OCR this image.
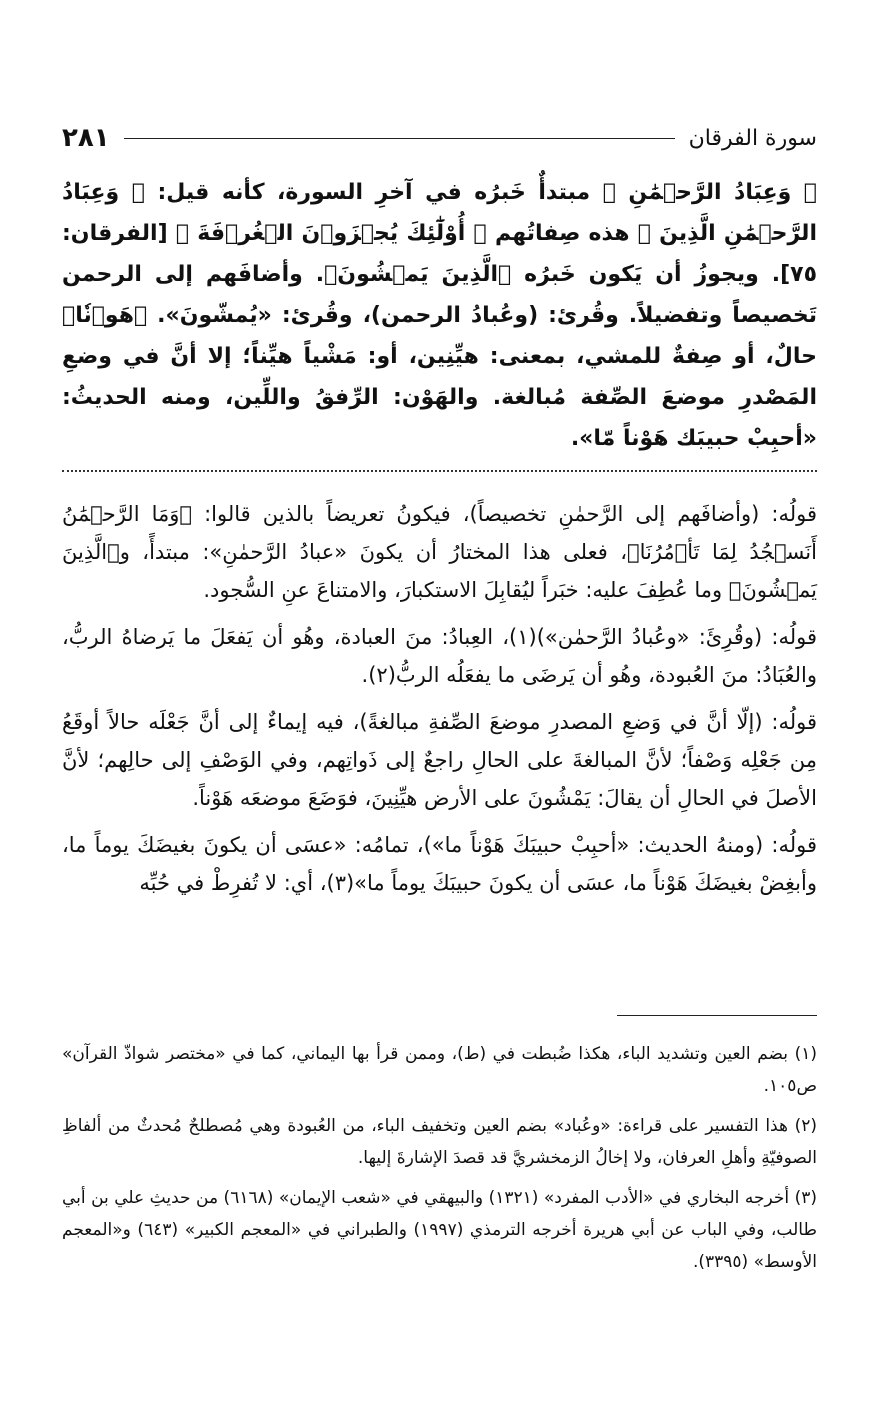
سورة الفرقان
٢٨١

﴿ وَعِبَادُ الرَّحۡمَٰنِ ﴾ مبتدأٌ خَبرُه في آخرِ السورة، كأنه قيل: ﴿ وَعِبَادُ الرَّحۡمَٰنِ الَّذِينَ ﴾ هذه صِفاتُهم ﴿ أُوْلَٰٓئِكَ يُجۡزَوۡنَ الۡغُرۡفَةَ ﴾ [الفرقان: ٧٥]. ويجوزُ أن يَكون خَبرُه ﴿الَّذِينَ يَمۡشُونَ﴾. وأضافَهم إلى الرحمن تَخصيصاً وتفضيلاً. وقُرئ: (وعُبادُ الرحمن)، وقُرئ: «يُمشّونَ». ﴿هَوۡنٗا﴾ حالٌ، أو صِفةٌ للمشي، بمعنى: هيِّنِين، أو: مَشْياً هيِّناً؛ إلا أنَّ في وضعِ المَصْدرِ موضعَ الصِّفة مُبالغة. والهَوْن: الرِّفقُ واللِّين، ومنه الحديثُ: «أحبِبْ حبيبَك هَوْناً مّا».

قولُه: (وأضافَهم إلى الرَّحمٰنِ تخصيصاً)، فيكونُ تعريضاً بالذين قالوا: ﴿وَمَا الرَّحۡمَٰنُ أَنَسۡجُدُ لِمَا تَأۡمُرُنَا﴾، فعلى هذا المختارُ أن يكونَ «عبادُ الرَّحمٰنِ»: مبتدأً، و﴿الَّذِينَ يَمۡشُونَ﴾ وما عُطِفَ عليه: خبَراً ليُقابِلَ الاستكبارَ، والامتناعَ عنِ السُّجود.

قولُه: (وقُرِئَ: «وعُبادُ الرَّحمٰن»)(١)، العِبادُ: منَ العبادة، وهُو أن يَفعَلَ ما يَرضاهُ الربُّ، والعُبَادُ: منَ العُبودة، وهُو أن يَرضَى ما يفعَلُه الربُّ(٢).

قولُه: (إلّا أنَّ في وَضعِ المصدرِ موضعَ الصِّفةِ مبالغةً)، فيه إيماءٌ إلى أنَّ جَعْلَه حالاً أوقَعُ مِن جَعْلِه وَصْفاً؛ لأنَّ المبالغةَ على الحالِ راجعٌ إلى ذَواتِهم، وفي الوَصْفِ إلى حالِهم؛ لأنَّ الأصلَ في الحالِ أن يقالَ: يَمْشُونَ على الأرض هيِّنِينَ، فوَضَعَ موضعَه هَوْناً.

قولُه: (ومنهُ الحديث: «أحبِبْ حبيبَكَ هَوْناً ما»)، تمامُه: «عسَى أن يكونَ بغيضَكَ يوماً ما، وأبغِضْ بغيضَكَ هَوْناً ما، عسَى أن يكونَ حبيبَكَ يوماً ما»(٣)، أي: لا تُفرِطْ في حُبِّه

(١) بضم العين وتشديد الباء، هكذا ضُبطت في (ط)، وممن قرأ بها اليماني، كما في «مختصر شواذّ القرآن» ص١٠٥.

(٢) هذا التفسير على قراءة: «وعُباد» بضم العين وتخفيف الباء، من العُبودة وهي مُصطلحٌ مُحدثٌ من ألفاظِ الصوفيّةِ وأهلِ العرفان، ولا إخالُ الزمخشريَّ قد قصدَ الإشارةَ إليها.

(٣) أخرجه البخاري في «الأدب المفرد» (١٣٢١) والبيهقي في «شعب الإيمان» (٦١٦٨) من حديثِ علي بن أبي طالب، وفي الباب عن أبي هريرة أخرجه الترمذي (١٩٩٧) والطبراني في «المعجم الكبير» (٦٤٣) و«المعجم الأوسط» (٣٣٩٥).
